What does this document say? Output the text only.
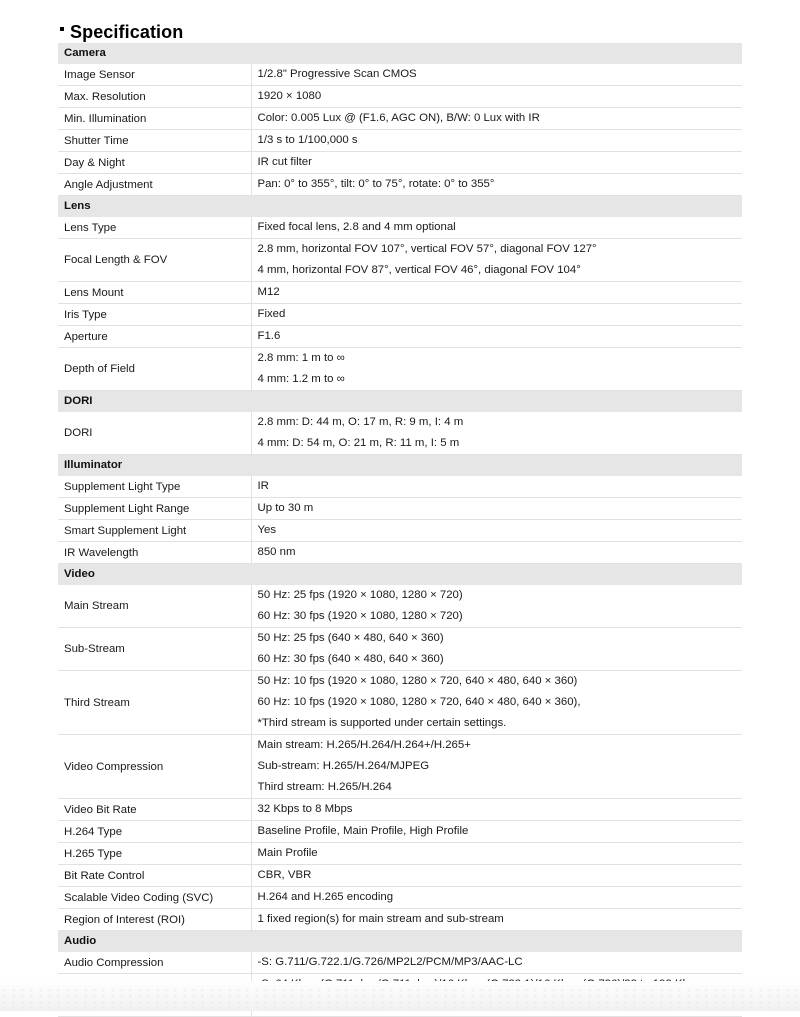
Specification
Camera	
Image Sensor	1/2.8" Progressive Scan CMOS

Max. Resolution	1920 × 1080

Min. Illumination	Color: 0.005 Lux @ (F1.6, AGC ON), B/W: 0 Lux with IR

Shutter Time	1/3 s to 1/100,000 s

Day & Night	IR cut filter

Angle Adjustment	Pan: 0° to 355°, tilt: 0° to 75°, rotate: 0° to 355°

Lens	
Lens Type	Fixed focal lens, 2.8 and 4 mm optional

Focal Length & FOV	2.8 mm, horizontal FOV 107°, vertical FOV 57°, diagonal FOV 127°
4 mm, horizontal FOV 87°, vertical FOV 46°, diagonal FOV 104°

Lens Mount	M12

Iris Type	Fixed

Aperture	F1.6

Depth of Field	2.8 mm: 1 m to ∞
4 mm: 1.2 m to ∞

DORI	
DORI	2.8 mm: D: 44 m, O: 17 m, R: 9 m, I: 4 m
4 mm: D: 54 m, O: 21 m, R: 11 m, I: 5 m

Illuminator	
Supplement Light Type	IR

Supplement Light Range	Up to 30 m

Smart Supplement Light	Yes

IR Wavelength	850 nm

Video	
Main Stream	50 Hz: 25 fps (1920 × 1080, 1280 × 720)
60 Hz: 30 fps (1920 × 1080, 1280 × 720)

Sub-Stream	50 Hz: 25 fps (640 × 480, 640 × 360)
60 Hz: 30 fps (640 × 480, 640 × 360)

Third Stream	50 Hz: 10 fps (1920 × 1080, 1280 × 720, 640 × 480, 640 × 360)
60 Hz: 10 fps (1920 × 1080, 1280 × 720, 640 × 480, 640 × 360),
*Third stream is supported under certain settings.

Video Compression	Main stream: H.265/H.264/H.264+/H.265+
Sub-stream: H.265/H.264/MJPEG
Third stream: H.265/H.264

Video Bit Rate	32 Kbps to 8 Mbps

H.264 Type	Baseline Profile, Main Profile, High Profile

H.265 Type	Main Profile

Bit Rate Control	CBR, VBR

Scalable Video Coding (SVC)	H.264 and H.265 encoding

Region of Interest (ROI)	1 fixed region(s) for main stream and sub-stream

Audio	
Audio Compression	-S: G.711/G.722.1/G.726/MP2L2/PCM/MP3/AAC-LC
